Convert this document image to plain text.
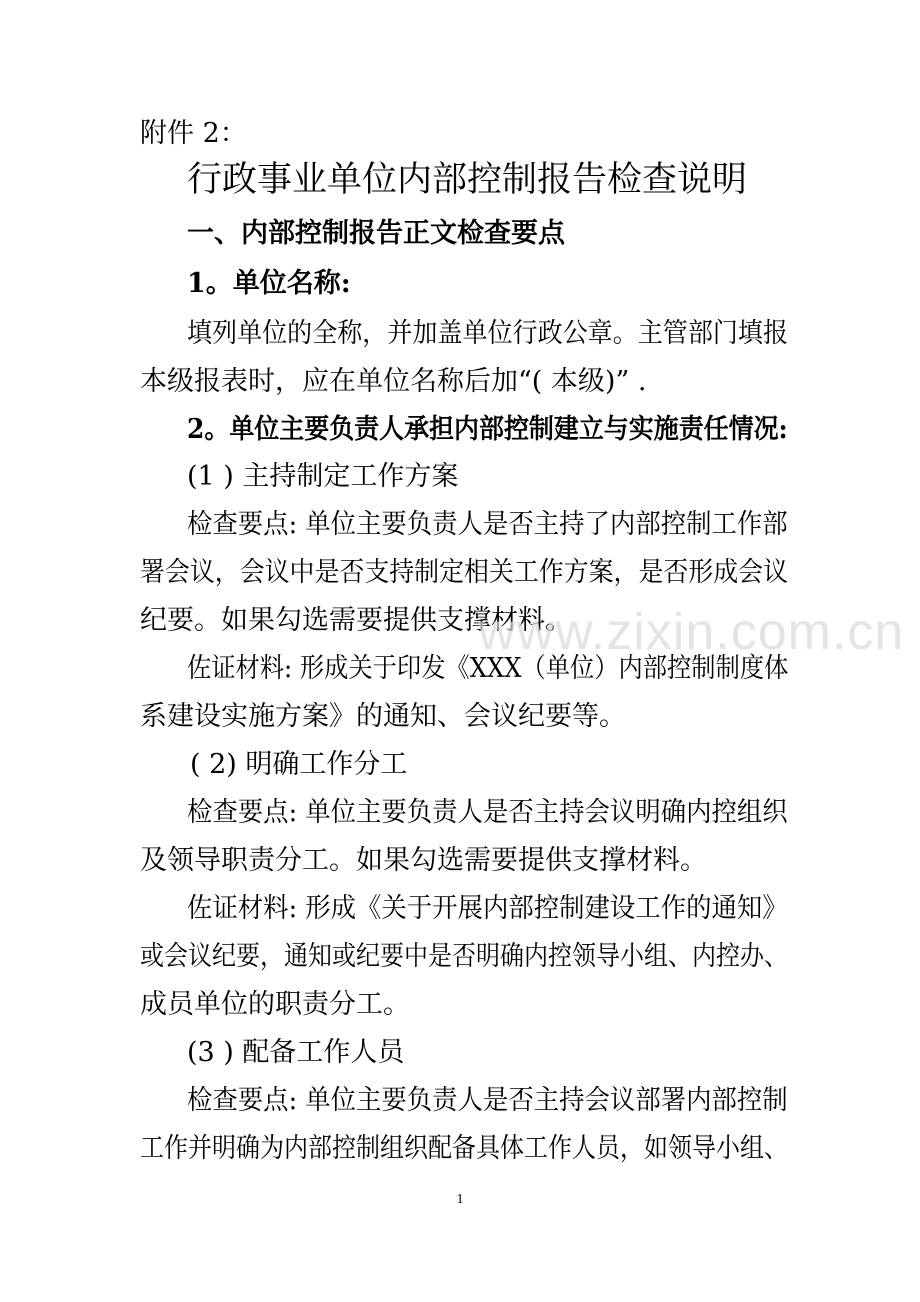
附件 2：
行政事业单位内部控制报告检查说明
一、内部控制报告正文检查要点
1。单位名称:
填列单位的全称，并加盖单位行政公章。主管部门填报
本级报表时，应在单位名称后加“( 本级)” .
2。单位主要负责人承担内部控制建立与实施责任情况:
(1 ) 主持制定工作方案
检查要点: 单位主要负责人是否主持了内部控制工作部
署会议，会议中是否支持制定相关工作方案，是否形成会议
纪要。如果勾选需要提供支撑材料。
佐证材料: 形成关于印发《XXX（单位）内部控制制度体
系建设实施方案》的通知、会议纪要等。
( 2) 明确工作分工
检查要点: 单位主要负责人是否主持会议明确内控组织
及领导职责分工。如果勾选需要提供支撑材料。
佐证材料: 形成《关于开展内部控制建设工作的通知》
或会议纪要，通知或纪要中是否明确内控领导小组、内控办、
成员单位的职责分工。
(3 ) 配备工作人员
检查要点: 单位主要负责人是否主持会议部署内部控制
工作并明确为内部控制组织配备具体工作人员，如领导小组、
www.zixin.com.cn
1
